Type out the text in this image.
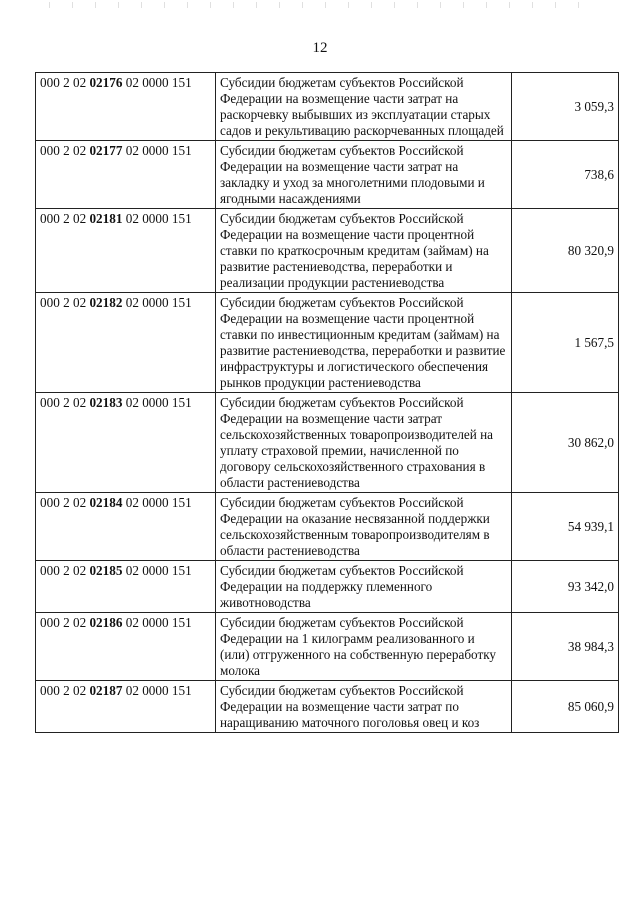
12
000 2 02 02176 02 0000 151	Субсидии бюджетам субъектов Российской Федерации на возмещение части затрат на раскорчевку выбывших из эксплуатации старых садов и рекультивацию раскорчеванных площадей	3 059,3
000 2 02 02177 02 0000 151	Субсидии бюджетам субъектов Российской Федерации на возмещение части затрат на закладку и уход за многолетними плодовыми и ягодными насаждениями	738,6
000 2 02 02181 02 0000 151	Субсидии бюджетам субъектов Российской Федерации на возмещение части процентной ставки по краткосрочным кредитам (займам) на развитие растениеводства, переработки и реализации продукции растениеводства	80 320,9
000 2 02 02182 02 0000 151	Субсидии бюджетам субъектов Российской Федерации на возмещение части процентной ставки по инвестиционным кредитам (займам) на развитие растениеводства, переработки и развитие инфраструктуры и логистического обеспечения рынков продукции растениеводства	1 567,5
000 2 02 02183 02 0000 151	Субсидии бюджетам субъектов Российской Федерации на возмещение части затрат сельскохозяйственных товаропроизводителей на уплату страховой премии, начисленной по договору сельскохозяйственного страхования в области растениеводства	30 862,0
000 2 02 02184 02 0000 151	Субсидии бюджетам субъектов Российской Федерации на оказание несвязанной поддержки сельскохозяйственным товаропроизводителям в области растениеводства	54 939,1
000 2 02 02185 02 0000 151	Субсидии бюджетам субъектов Российской Федерации на поддержку племенного животноводства	93 342,0
000 2 02 02186 02 0000 151	Субсидии бюджетам субъектов Российской Федерации на 1 килограмм реализованного и (или) отгруженного на собственную переработку молока	38 984,3
000 2 02 02187 02 0000 151	Субсидии бюджетам субъектов Российской Федерации на возмещение части затрат по наращиванию маточного поголовья овец и коз	85 060,9
